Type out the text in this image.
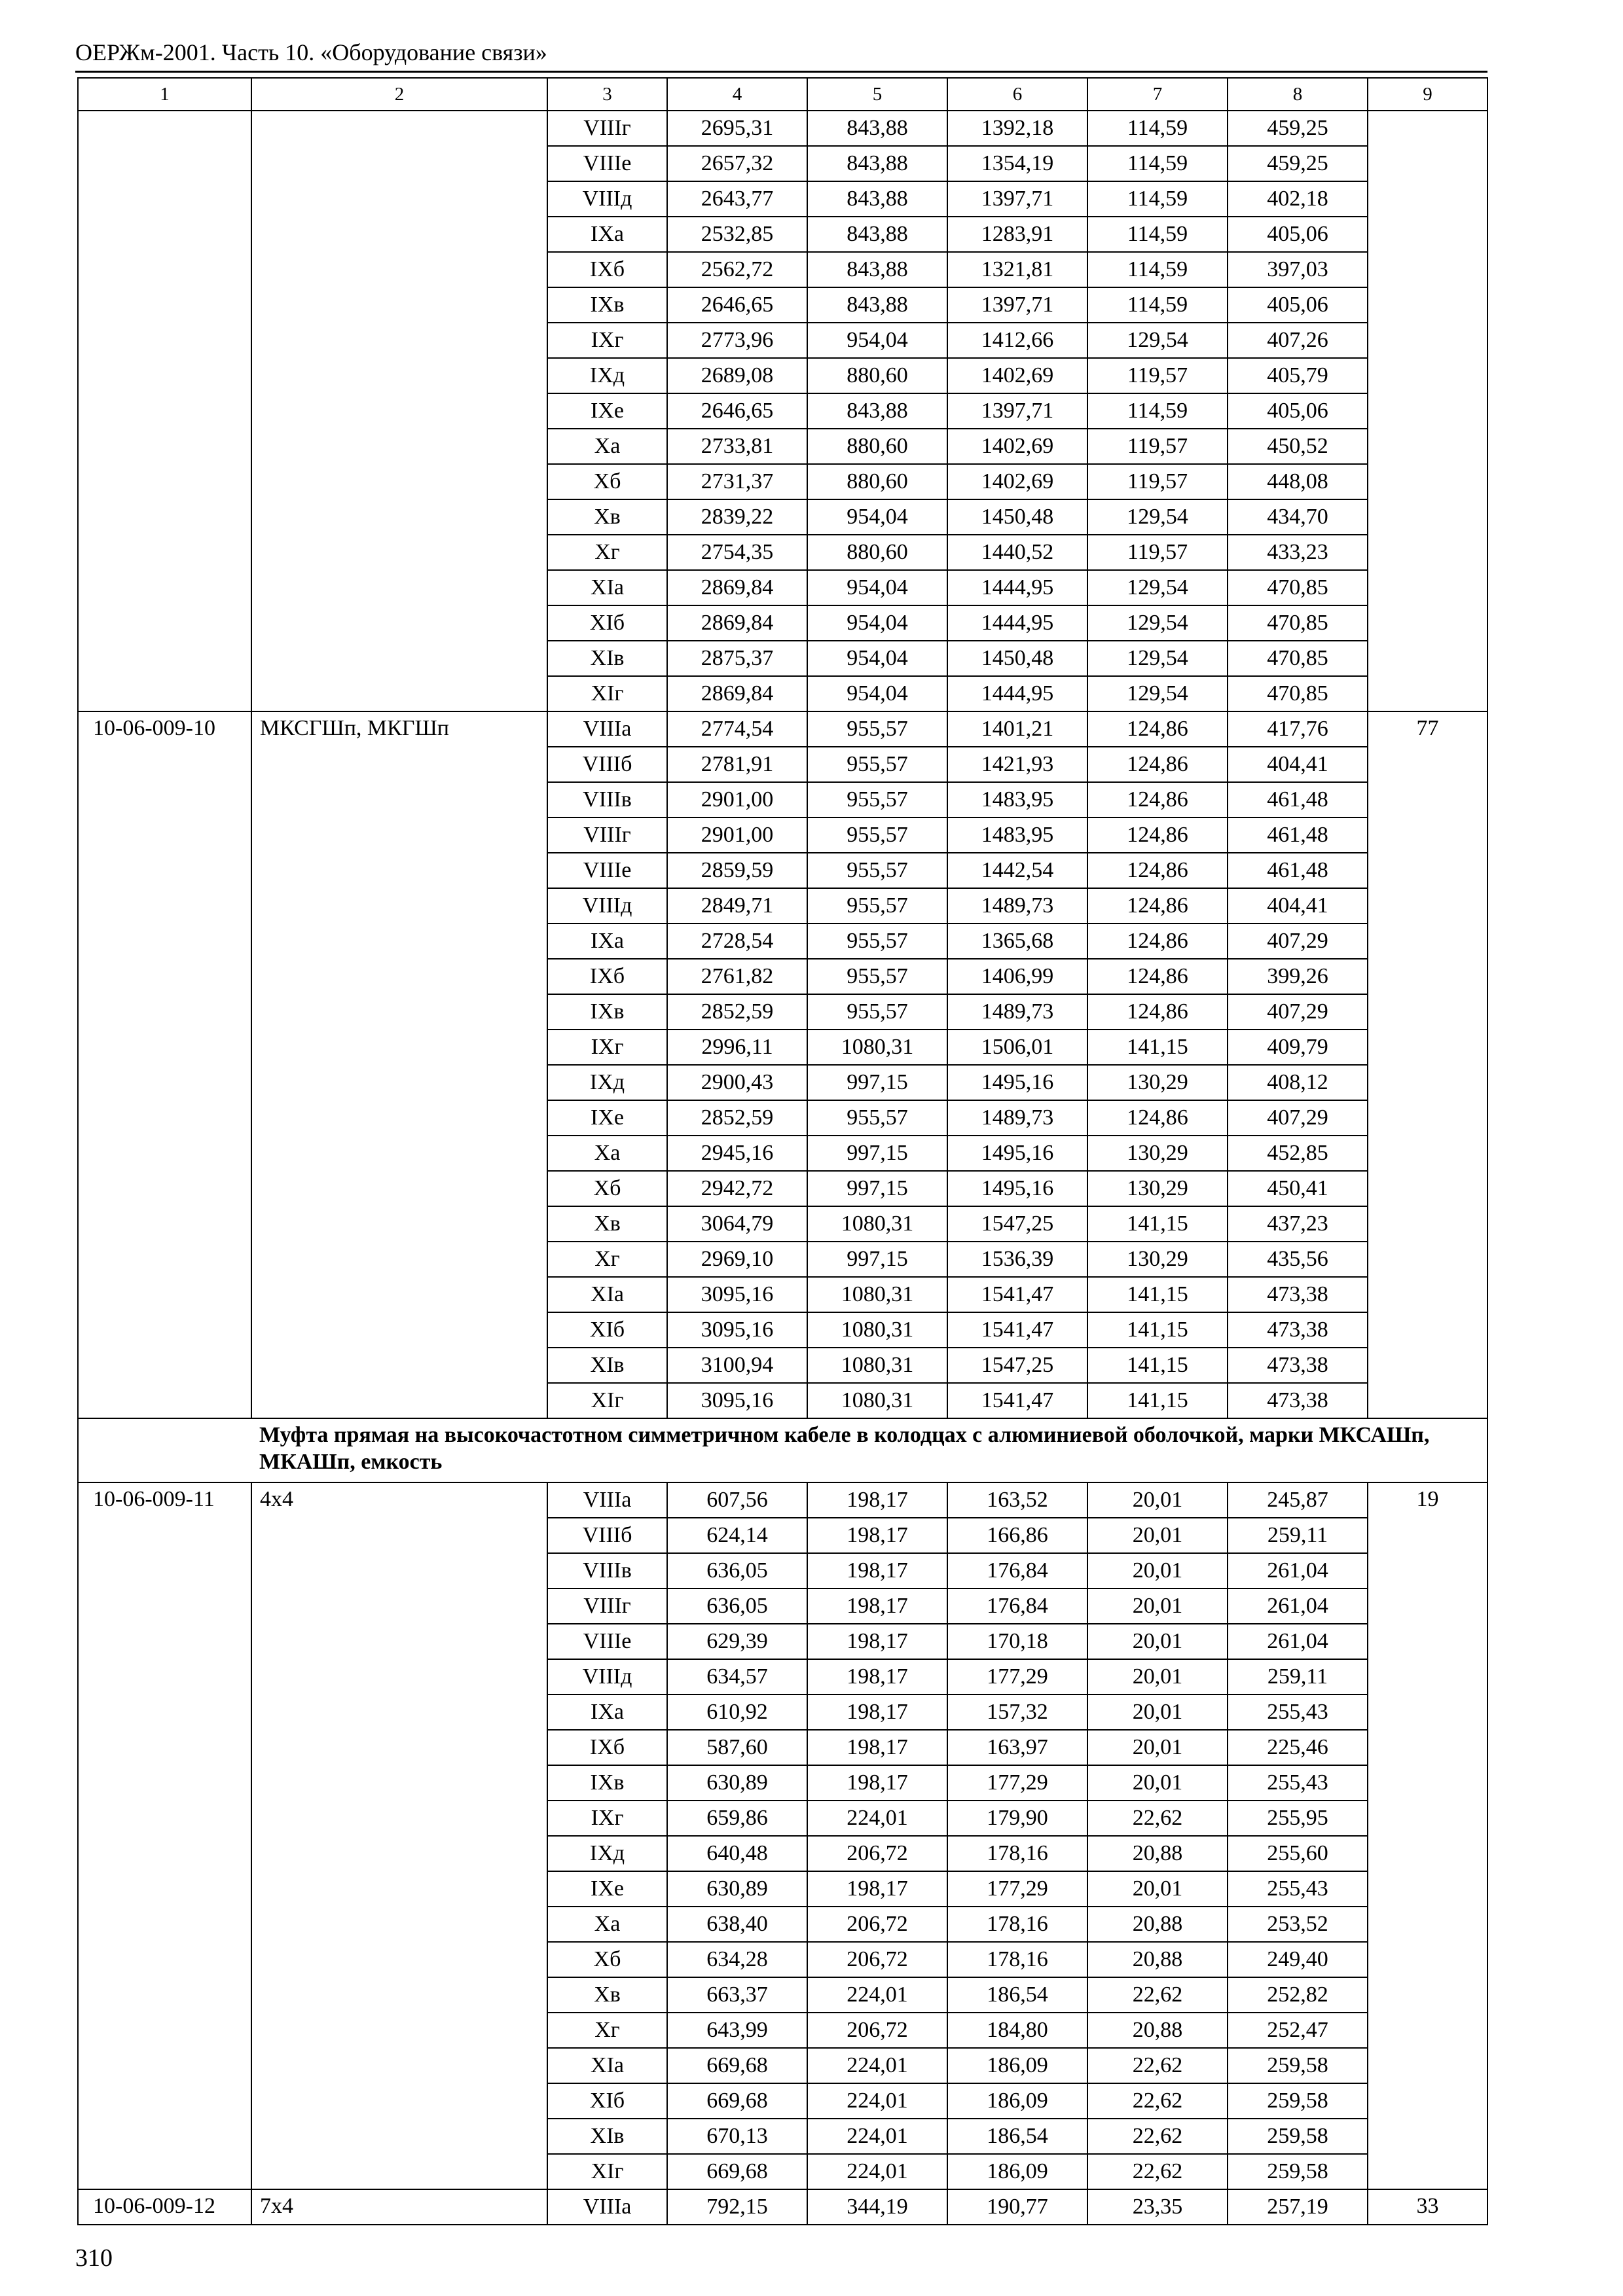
ОЕРЖм-2001. Часть 10. «Оборудование связи»
1	2	3	4	5	6	7	8	9
		VIIIг	2695,31	843,88	1392,18	114,59	459,25	
		VIIIе	2657,32	843,88	1354,19	114,59	459,25	
		VIIIд	2643,77	843,88	1397,71	114,59	402,18	
		IXа	2532,85	843,88	1283,91	114,59	405,06	
		IXб	2562,72	843,88	1321,81	114,59	397,03	
		IXв	2646,65	843,88	1397,71	114,59	405,06	
		IXг	2773,96	954,04	1412,66	129,54	407,26	
		IXд	2689,08	880,60	1402,69	119,57	405,79	
		IXе	2646,65	843,88	1397,71	114,59	405,06	
		Xа	2733,81	880,60	1402,69	119,57	450,52	
		Xб	2731,37	880,60	1402,69	119,57	448,08	
		Xв	2839,22	954,04	1450,48	129,54	434,70	
		Xг	2754,35	880,60	1440,52	119,57	433,23	
		XIа	2869,84	954,04	1444,95	129,54	470,85	
		XIб	2869,84	954,04	1444,95	129,54	470,85	
		XIв	2875,37	954,04	1450,48	129,54	470,85	
		XIг	2869,84	954,04	1444,95	129,54	470,85	
10-06-009-10	МКСГШп, МКГШп	VIIIа	2774,54	955,57	1401,21	124,86	417,76	77
		VIIIб	2781,91	955,57	1421,93	124,86	404,41	
		VIIIв	2901,00	955,57	1483,95	124,86	461,48	
		VIIIг	2901,00	955,57	1483,95	124,86	461,48	
		VIIIе	2859,59	955,57	1442,54	124,86	461,48	
		VIIIд	2849,71	955,57	1489,73	124,86	404,41	
		IXа	2728,54	955,57	1365,68	124,86	407,29	
		IXб	2761,82	955,57	1406,99	124,86	399,26	
		IXв	2852,59	955,57	1489,73	124,86	407,29	
		IXг	2996,11	1080,31	1506,01	141,15	409,79	
		IXд	2900,43	997,15	1495,16	130,29	408,12	
		IXе	2852,59	955,57	1489,73	124,86	407,29	
		Xа	2945,16	997,15	1495,16	130,29	452,85	
		Xб	2942,72	997,15	1495,16	130,29	450,41	
		Xв	3064,79	1080,31	1547,25	141,15	437,23	
		Xг	2969,10	997,15	1536,39	130,29	435,56	
		XIа	3095,16	1080,31	1541,47	141,15	473,38	
		XIб	3095,16	1080,31	1541,47	141,15	473,38	
		XIв	3100,94	1080,31	1547,25	141,15	473,38	
		XIг	3095,16	1080,31	1541,47	141,15	473,38	
	Муфта прямая на высокочастотном симметричном кабеле в колодцах с алюминиевой оболочкой, марки МКСАШп, МКАШп, емкость							
10-06-009-11	4x4	VIIIа	607,56	198,17	163,52	20,01	245,87	19
		VIIIб	624,14	198,17	166,86	20,01	259,11	
		VIIIв	636,05	198,17	176,84	20,01	261,04	
		VIIIг	636,05	198,17	176,84	20,01	261,04	
		VIIIе	629,39	198,17	170,18	20,01	261,04	
		VIIIд	634,57	198,17	177,29	20,01	259,11	
		IXа	610,92	198,17	157,32	20,01	255,43	
		IXб	587,60	198,17	163,97	20,01	225,46	
		IXв	630,89	198,17	177,29	20,01	255,43	
		IXг	659,86	224,01	179,90	22,62	255,95	
		IXд	640,48	206,72	178,16	20,88	255,60	
		IXе	630,89	198,17	177,29	20,01	255,43	
		Xа	638,40	206,72	178,16	20,88	253,52	
		Xб	634,28	206,72	178,16	20,88	249,40	
		Xв	663,37	224,01	186,54	22,62	252,82	
		Xг	643,99	206,72	184,80	20,88	252,47	
		XIа	669,68	224,01	186,09	22,62	259,58	
		XIб	669,68	224,01	186,09	22,62	259,58	
		XIв	670,13	224,01	186,54	22,62	259,58	
		XIг	669,68	224,01	186,09	22,62	259,58	
10-06-009-12	7x4	VIIIа	792,15	344,19	190,77	23,35	257,19	33
310
